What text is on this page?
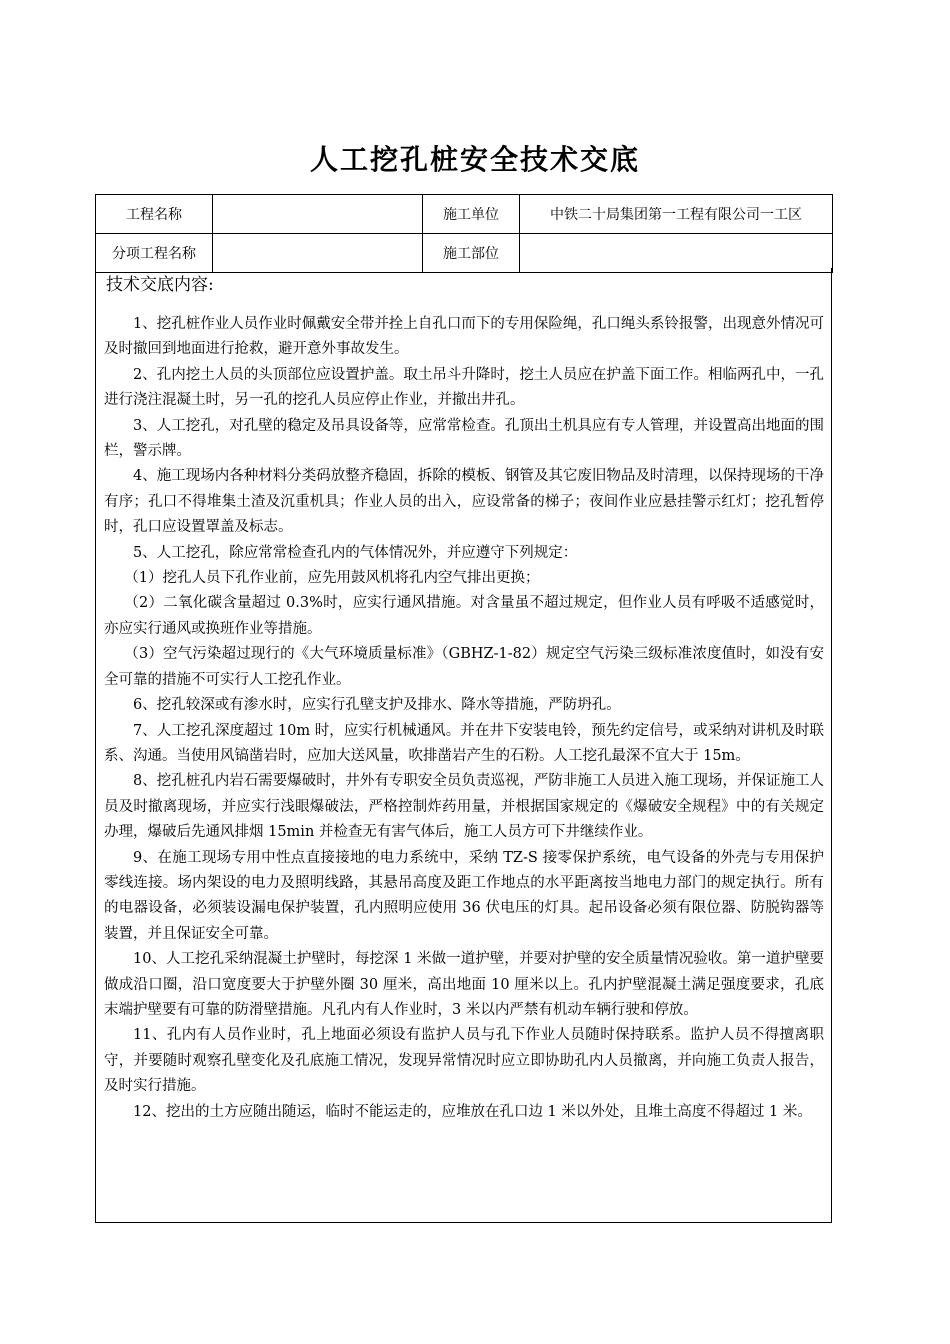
人工挖孔桩安全技术交底
工程名称		施工单位	中铁二十局集团第一工程有限公司一工区
分项工程名称		施工部位	
技术交底内容:

1、挖孔桩作业人员作业时佩戴安全带并拴上自孔口而下的专用保险绳，孔口绳头系铃报警，出现意外情况可及时撤回到地面进行抢救，避开意外事故发生。

2、孔内挖土人员的头顶部位应设置护盖。取土吊斗升降时，挖土人员应在护盖下面工作。相临两孔中，一孔进行浇注混凝土时，另一孔的挖孔人员应停止作业，并撤出井孔。

3、人工挖孔，对孔壁的稳定及吊具设备等，应常常检查。孔顶出土机具应有专人管理，并设置高出地面的围栏，警示牌。

4、施工现场内各种材料分类码放整齐稳固，拆除的模板、钢管及其它废旧物品及时清理，以保持现场的干净有序；孔口不得堆集土渣及沉重机具；作业人员的出入，应设常备的梯子；夜间作业应悬挂警示红灯；挖孔暂停时，孔口应设置罩盖及标志。

5、人工挖孔，除应常常检查孔内的气体情况外，并应遵守下列规定：

（1）挖孔人员下孔作业前，应先用鼓风机将孔内空气排出更换；

（2）二氧化碳含量超过 0.3%时，应实行通风措施。对含量虽不超过规定，但作业人员有呼吸不适感觉时，亦应实行通风或换班作业等措施。

（3）空气污染超过现行的《大气环境质量标准》（GBHZ-1-82）规定空气污染三级标准浓度值时，如没有安全可靠的措施不可实行人工挖孔作业。

6、挖孔较深或有渗水时，应实行孔壁支护及排水、降水等措施，严防坍孔。

7、人工挖孔深度超过 10m 时，应实行机械通风。并在井下安装电铃，预先约定信号，或采纳对讲机及时联系、沟通。当使用风镐凿岩时，应加大送风量，吹排凿岩产生的石粉。人工挖孔最深不宜大于 15m。

8、挖孔桩孔内岩石需要爆破时，井外有专职安全员负责巡视，严防非施工人员进入施工现场，并保证施工人员及时撤离现场，并应实行浅眼爆破法，严格控制炸药用量，并根据国家规定的《爆破安全规程》中的有关规定办理，爆破后先通风排烟 15min 并检查无有害气体后，施工人员方可下井继续作业。

9、在施工现场专用中性点直接接地的电力系统中，采纳 TZ-S 接零保护系统，电气设备的外壳与专用保护零线连接。场内架设的电力及照明线路，其悬吊高度及距工作地点的水平距离按当地电力部门的规定执行。所有的电器设备，必须装设漏电保护装置，孔内照明应使用 36 伏电压的灯具。起吊设备必须有限位器、防脱钩器等装置，并且保证安全可靠。

10、人工挖孔采纳混凝土护壁时，每挖深 1 米做一道护壁，并要对护壁的安全质量情况验收。第一道护壁要做成沿口圈，沿口宽度要大于护壁外圈 30 厘米，高出地面 10 厘米以上。孔内护壁混凝土满足强度要求，孔底末端护壁要有可靠的防滑壁措施。凡孔内有人作业时，3 米以内严禁有机动车辆行驶和停放。

11、孔内有人员作业时，孔上地面必须设有监护人员与孔下作业人员随时保持联系。监护人员不得擅离职守，并要随时观察孔壁变化及孔底施工情况，发现异常情况时应立即协助孔内人员撤离，并向施工负责人报告，及时实行措施。

12、挖出的土方应随出随运，临时不能运走的，应堆放在孔口边 1 米以外处，且堆土高度不得超过 1 米。
